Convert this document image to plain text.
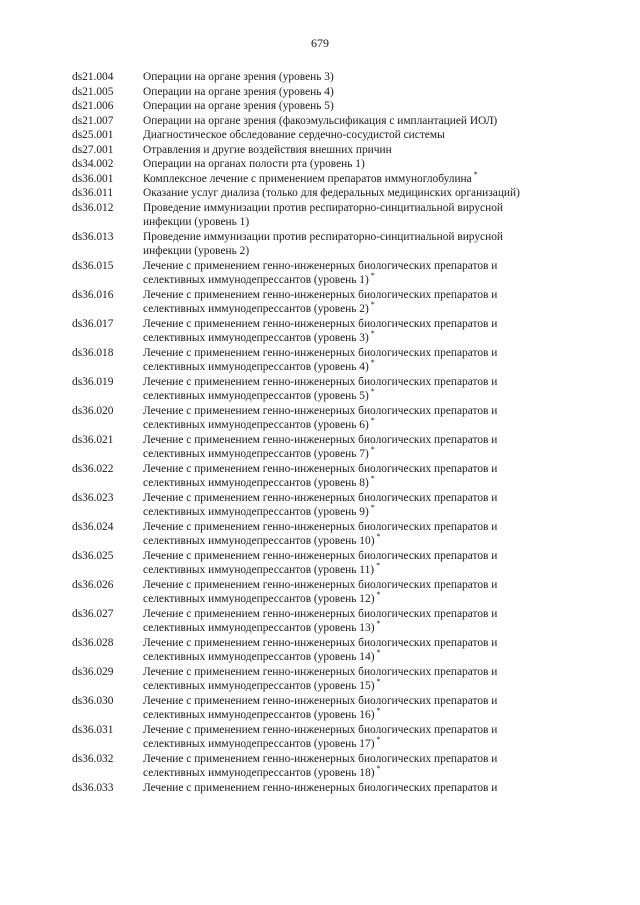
679
ds21.004	Операции на органе зрения (уровень 3)
ds21.005	Операции на органе зрения (уровень 4)
ds21.006	Операции на органе зрения (уровень 5)
ds21.007	Операции на органе зрения (факоэмульсификация с имплантацией ИОЛ)
ds25.001	Диагностическое обследование сердечно-сосудистой системы
ds27.001	Отравления и другие воздействия внешних причин
ds34.002	Операции на органах полости рта (уровень 1)
ds36.001	Комплексное лечение с применением препаратов иммуноглобулина *
ds36.011	Оказание услуг диализа (только для федеральных медицинских организаций)
ds36.012	Проведение иммунизации против респираторно-синцитиальной вирусной
инфекции (уровень 1)
ds36.013	Проведение иммунизации против респираторно-синцитиальной вирусной
инфекции (уровень 2)
ds36.015	Лечение с применением генно-инженерных биологических препаратов и
селективных иммунодепрессантов (уровень 1) *
ds36.016	Лечение с применением генно-инженерных биологических препаратов и
селективных иммунодепрессантов (уровень 2) *
ds36.017	Лечение с применением генно-инженерных биологических препаратов и
селективных иммунодепрессантов (уровень 3) *
ds36.018	Лечение с применением генно-инженерных биологических препаратов и
селективных иммунодепрессантов (уровень 4) *
ds36.019	Лечение с применением генно-инженерных биологических препаратов и
селективных иммунодепрессантов (уровень 5) *
ds36.020	Лечение с применением генно-инженерных биологических препаратов и
селективных иммунодепрессантов (уровень 6) *
ds36.021	Лечение с применением генно-инженерных биологических препаратов и
селективных иммунодепрессантов (уровень 7) *
ds36.022	Лечение с применением генно-инженерных биологических препаратов и
селективных иммунодепрессантов (уровень 8) *
ds36.023	Лечение с применением генно-инженерных биологических препаратов и
селективных иммунодепрессантов (уровень 9) *
ds36.024	Лечение с применением генно-инженерных биологических препаратов и
селективных иммунодепрессантов (уровень 10) *
ds36.025	Лечение с применением генно-инженерных биологических препаратов и
селективных иммунодепрессантов (уровень 11) *
ds36.026	Лечение с применением генно-инженерных биологических препаратов и
селективных иммунодепрессантов (уровень 12) *
ds36.027	Лечение с применением генно-инженерных биологических препаратов и
селективных иммунодепрессантов (уровень 13) *
ds36.028	Лечение с применением генно-инженерных биологических препаратов и
селективных иммунодепрессантов (уровень 14) *
ds36.029	Лечение с применением генно-инженерных биологических препаратов и
селективных иммунодепрессантов (уровень 15) *
ds36.030	Лечение с применением генно-инженерных биологических препаратов и
селективных иммунодепрессантов (уровень 16) *
ds36.031	Лечение с применением генно-инженерных биологических препаратов и
селективных иммунодепрессантов (уровень 17) *
ds36.032	Лечение с применением генно-инженерных биологических препаратов и
селективных иммунодепрессантов (уровень 18) *
ds36.033	Лечение с применением генно-инженерных биологических препаратов и
